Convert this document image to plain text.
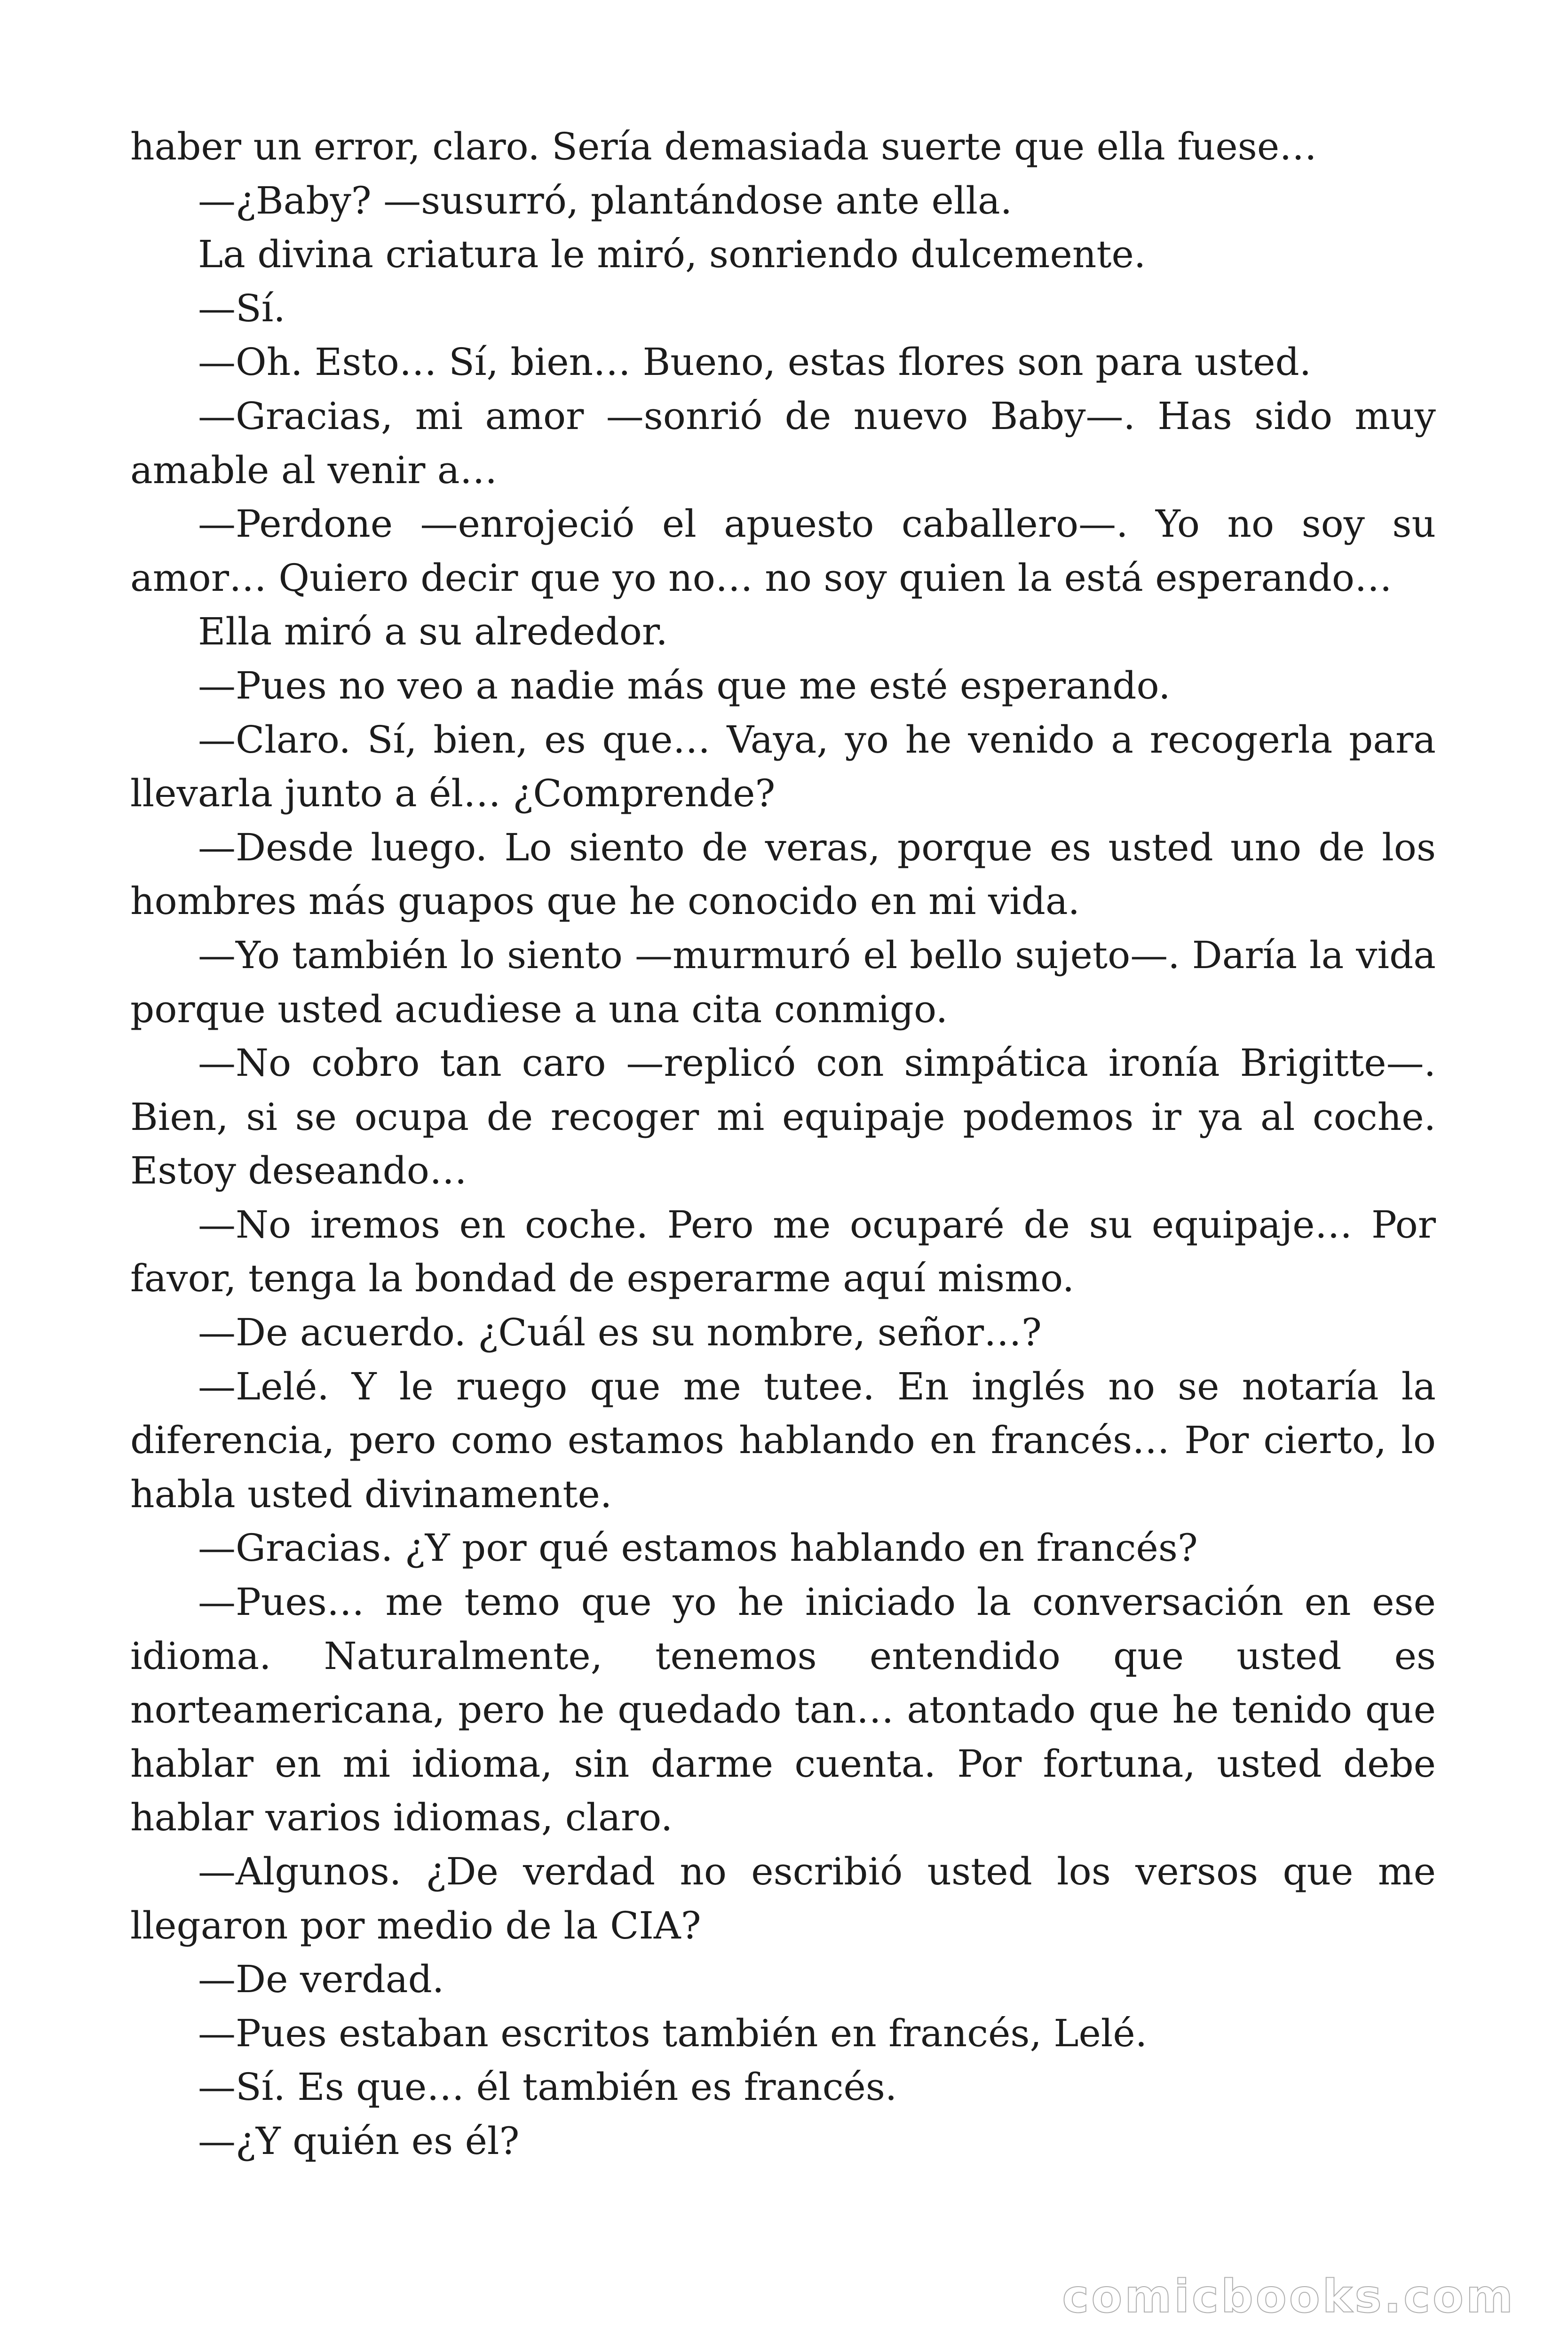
haber un error, claro. Sería demasiada suerte que ella fuese…

—¿Baby? —susurró, plantándose ante ella.

La divina criatura le miró, sonriendo dulcemente.

—Sí.

—Oh. Esto… Sí, bien… Bueno, estas flores son para usted.

—Gracias, mi amor —sonrió de nuevo Baby—. Has sido muy amable al venir a…

—Perdone —enrojeció el apuesto caballero—. Yo no soy su amor… Quiero decir que yo no… no soy quien la está esperando…

Ella miró a su alrededor.

—Pues no veo a nadie más que me esté esperando.

—Claro. Sí, bien, es que… Vaya, yo he venido a recogerla para llevarla junto a él… ¿Comprende?

—Desde luego. Lo siento de veras, porque es usted uno de los hombres más guapos que he conocido en mi vida.

—Yo también lo siento —murmuró el bello sujeto—. Daría la vida porque usted acudiese a una cita conmigo.

—No cobro tan caro —replicó con simpática ironía Brigitte—. Bien, si se ocupa de recoger mi equipaje podemos ir ya al coche. Estoy deseando…

—No iremos en coche. Pero me ocuparé de su equipaje… Por favor, tenga la bondad de esperarme aquí mismo.

—De acuerdo. ¿Cuál es su nombre, señor…?

—Lelé. Y le ruego que me tutee. En inglés no se notaría la diferencia, pero como estamos hablando en francés… Por cierto, lo habla usted divinamente.

—Gracias. ¿Y por qué estamos hablando en francés?

—Pues… me temo que yo he iniciado la conversación en ese idioma. Naturalmente, tenemos entendido que usted es norteamericana, pero he quedado tan… atontado que he tenido que hablar en mi idioma, sin darme cuenta. Por fortuna, usted debe hablar varios idiomas, claro.

—Algunos. ¿De verdad no escribió usted los versos que me llegaron por medio de la CIA?

—De verdad.

—Pues estaban escritos también en francés, Lelé.

—Sí. Es que… él también es francés.

—¿Y quién es él?

comicbooks.com
